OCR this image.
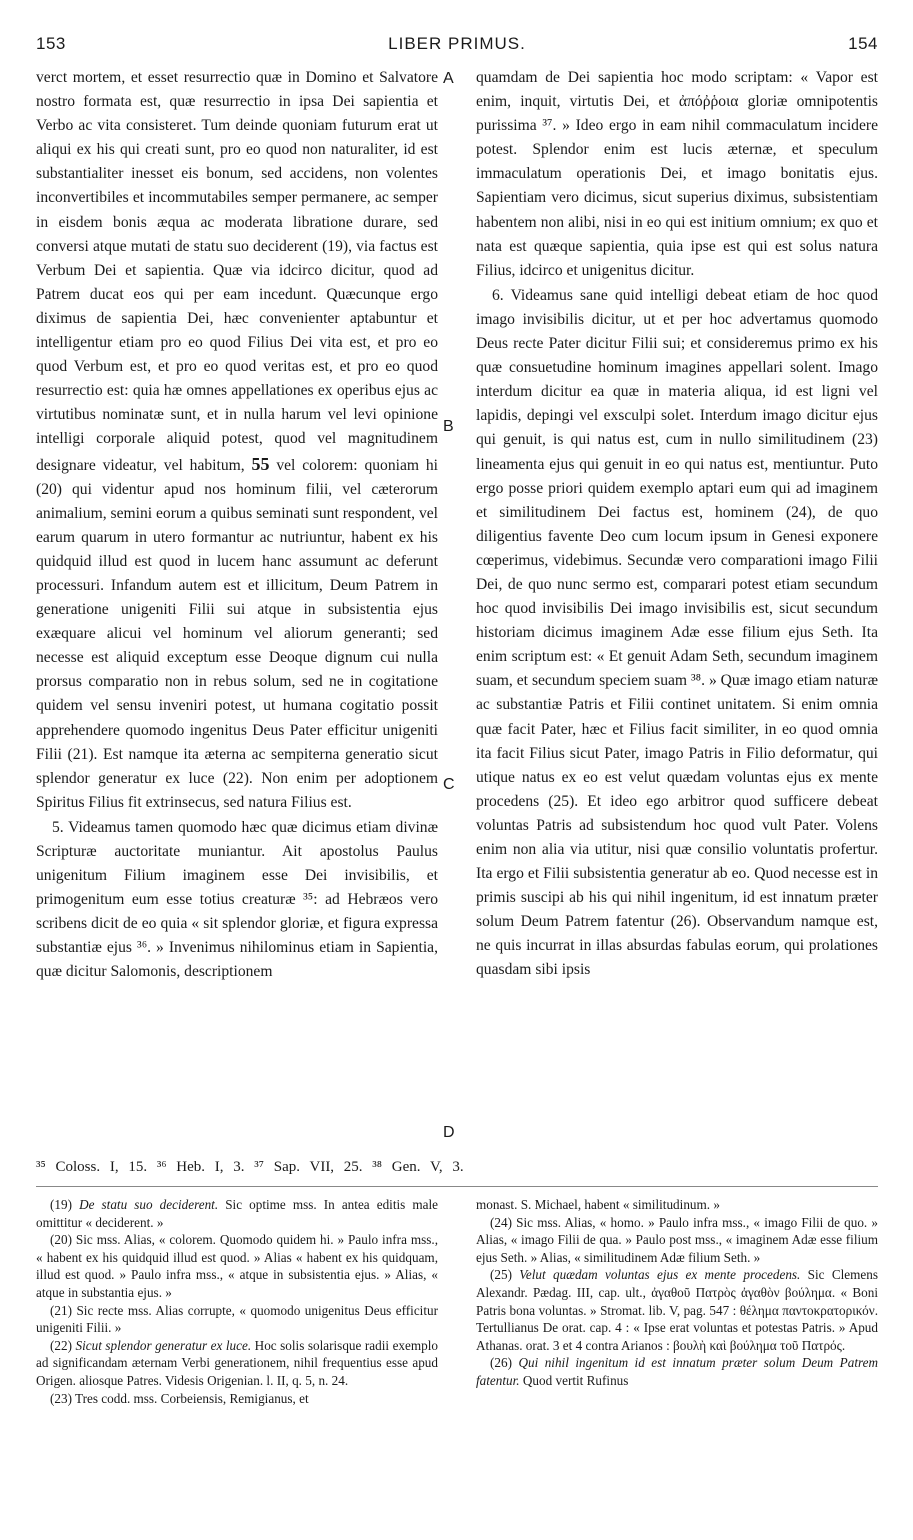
153	LIBER PRIMUS.	154

verct mortem, et esset resurrectio quæ in Domino et Salvatore nostro formata est, quæ resurrectio in ipsa Dei sapientia et Verbo ac vita consisteret. Tum deinde quoniam futurum erat ut aliqui ex his qui creati sunt, pro eo quod non naturaliter, id est substantialiter inesset eis bonum, sed accidens, non volentes inconvertibiles et incommutabiles semper permanere, ac semper in eisdem bonis æqua ac moderata libratione durare, sed conversi atque mutati de statu suo deciderent (19), via factus est Verbum Dei et sapientia. Quæ via idcirco dicitur, quod ad Patrem ducat eos qui per eam incedunt. Quæcunque ergo diximus de sapientia Dei, hæc convenienter aptabuntur et intelligentur etiam pro eo quod Filius Dei vita est, et pro eo quod Verbum est, et pro eo quod veritas est, et pro eo quod resurrectio est: quia hæ omnes appellationes ex operibus ejus ac virtutibus nominatæ sunt, et in nulla harum vel levi opinione intelligi corporale aliquid potest, quod vel magnitudinem designare videatur, vel habitum, 55 vel colorem: quoniam hi (20) qui videntur apud nos hominum filii, vel cæterorum animalium, semini eorum a quibus seminati sunt respondent, vel earum quarum in utero formantur ac nutriuntur, habent ex his quidquid illud est quod in lucem hanc assumunt ac deferunt processuri. Infandum autem est et illicitum, Deum Patrem in generatione unigeniti Filii sui atque in subsistentia ejus exæquare alicui vel hominum vel aliorum generanti; sed necesse est aliquid exceptum esse Deoque dignum cui nulla prorsus comparatio non in rebus solum, sed ne in cogitatione quidem vel sensu inveniri potest, ut humana cogitatio possit apprehendere quomodo ingenitus Deus Pater efficitur unigeniti Filii (21). Est namque ita æterna ac sempiterna generatio sicut splendor generatur ex luce (22). Non enim per adoptionem Spiritus Filius fit extrinsecus, sed natura Filius est.

5. Videamus tamen quomodo hæc quæ dicimus etiam divinæ Scripturæ auctoritate muniantur. Ait apostolus Paulus unigenitum Filium imaginem esse Dei invisibilis, et primogenitum eum esse totius creaturæ ³⁵: ad Hebræos vero scribens dicit de eo quia « sit splendor gloriæ, et figura expressa substantiæ ejus ³⁶. » Invenimus nihilominus etiam in Sapientia, quæ dicitur Salomonis, descriptionem

A
B
C
D

quamdam de Dei sapientia hoc modo scriptam: « Vapor est enim, inquit, virtutis Dei, et ἀπόῤῥοια gloriæ omnipotentis purissima ³⁷. » Ideo ergo in eam nihil commaculatum incidere potest. Splendor enim est lucis æternæ, et speculum immaculatum operationis Dei, et imago bonitatis ejus. Sapientiam vero dicimus, sicut superius diximus, subsistentiam habentem non alibi, nisi in eo qui est initium omnium; ex quo et nata est quæque sapientia, quia ipse est qui est solus natura Filius, idcirco et unigenitus dicitur.

6. Videamus sane quid intelligi debeat etiam de hoc quod imago invisibilis dicitur, ut et per hoc advertamus quomodo Deus recte Pater dicitur Filii sui; et consideremus primo ex his quæ consuetudine hominum imagines appellari solent. Imago interdum dicitur ea quæ in materia aliqua, id est ligni vel lapidis, depingi vel exsculpi solet. Interdum imago dicitur ejus qui genuit, is qui natus est, cum in nullo similitudinem (23) lineamenta ejus qui genuit in eo qui natus est, mentiuntur. Puto ergo posse priori quidem exemplo aptari eum qui ad imaginem et similitudinem Dei factus est, hominem (24), de quo diligentius favente Deo cum locum ipsum in Genesi exponere cœperimus, videbimus. Secundæ vero comparationi imago Filii Dei, de quo nunc sermo est, comparari potest etiam secundum hoc quod invisibilis Dei imago invisibilis est, sicut secundum historiam dicimus imaginem Adæ esse filium ejus Seth. Ita enim scriptum est: « Et genuit Adam Seth, secundum imaginem suam, et secundum speciem suam ³⁸. » Quæ imago etiam naturæ ac substantiæ Patris et Filii continet unitatem. Si enim omnia quæ facit Pater, hæc et Filius facit similiter, in eo quod omnia ita facit Filius sicut Pater, imago Patris in Filio deformatur, qui utique natus ex eo est velut quædam voluntas ejus ex mente procedens (25). Et ideo ego arbitror quod sufficere debeat voluntas Patris ad subsistendum hoc quod vult Pater. Volens enim non alia via utitur, nisi quæ consilio voluntatis profertur. Ita ergo et Filii subsistentia generatur ab eo. Quod necesse est in primis suscipi ab his qui nihil ingenitum, id est innatum præter solum Deum Patrem fatentur (26). Observandum namque est, ne quis incurrat in illas absurdas fabulas eorum, qui prolationes quasdam sibi ipsis

³⁵ Coloss. I, 15. ³⁶ Heb. I, 3. ³⁷ Sap. VII, 25. ³⁸ Gen. V, 3.

(19) De statu suo deciderent. Sic optime mss. In antea editis male omittitur « deciderent. »

(20) Sic mss. Alias, « colorem. Quomodo quidem hi. » Paulo infra mss., « habent ex his quidquid illud est quod. » Alias « habent ex his quidquam, illud est quod. » Paulo infra mss., « atque in subsistentia ejus. » Alias, « atque in substantia ejus. »

(21) Sic recte mss. Alias corrupte, « quomodo unigenitus Deus efficitur unigeniti Filii. »

(22) Sicut splendor generatur ex luce. Hoc solis solarisque radii exemplo ad significandam æternam Verbi generationem, nihil frequentius esse apud Origen. aliosque Patres. Videsis Origenian. l. II, q. 5, n. 24.

(23) Tres codd. mss. Corbeiensis, Remigianus, et

monast. S. Michael, habent « similitudinum. »

(24) Sic mss. Alias, « homo. » Paulo infra mss., « imago Filii de quo. » Alias, « imago Filii de qua. » Paulo post mss., « imaginem Adæ esse filium ejus Seth. » Alias, « similitudinem Adæ filium Seth. »

(25) Velut quædam voluntas ejus ex mente procedens. Sic Clemens Alexandr. Pædag. III, cap. ult., ἀγαθοῦ Πατρὸς ἀγαθὸν βούλημα. « Boni Patris bona voluntas. » Stromat. lib. V, pag. 547 : θέλημα παντοκρατορικόν. Tertullianus De orat. cap. 4 : « Ipse erat voluntas et potestas Patris. » Apud Athanas. orat. 3 et 4 contra Arianos : βουλὴ καὶ βούλημα τοῦ Πατρός.

(26) Qui nihil ingenitum id est innatum præter solum Deum Patrem fatentur. Quod vertit Rufinus
